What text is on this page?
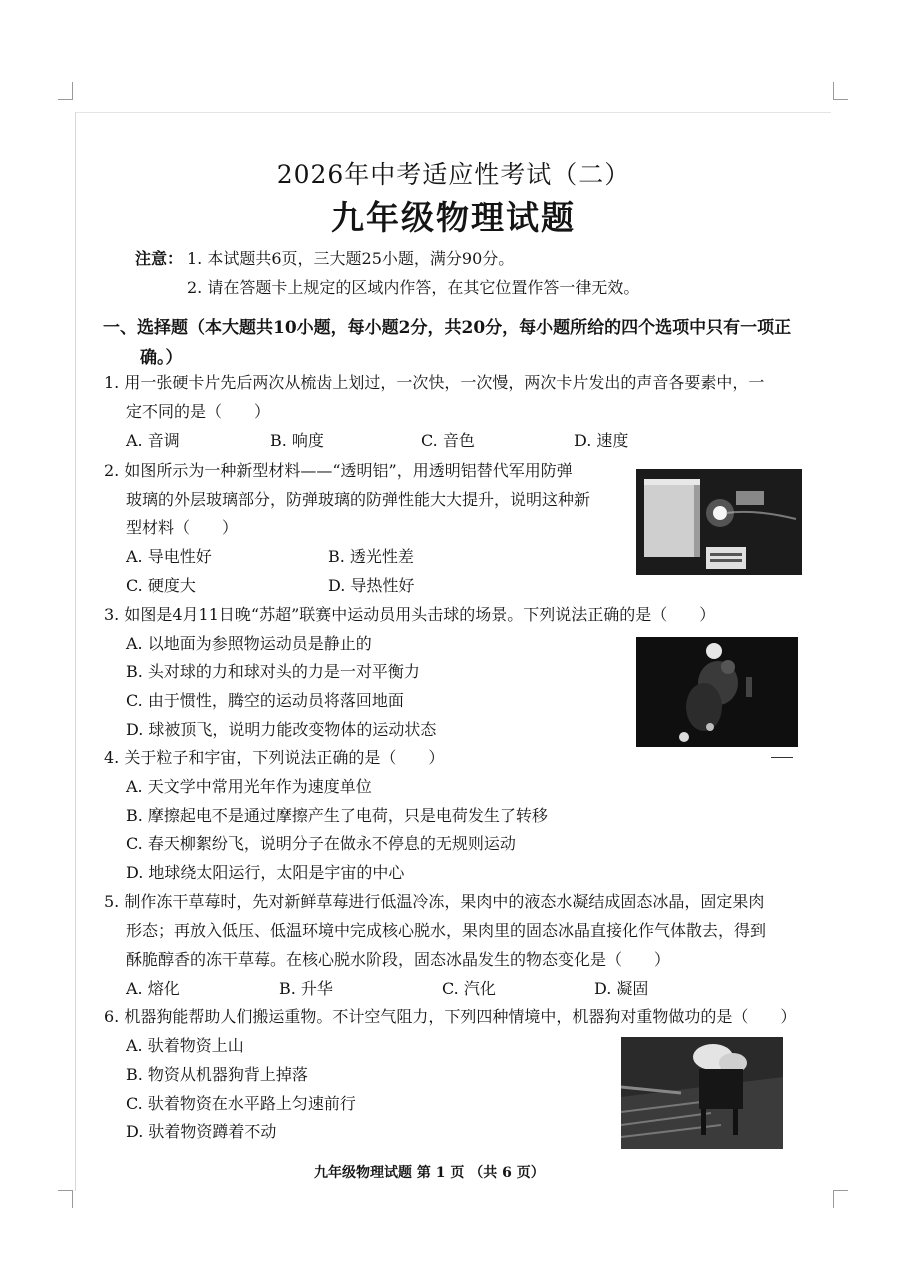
2026年中考适应性考试（二）
九年级物理试题
注意： 1. 本试题共6页，三大题25小题，满分90分。
2. 请在答题卡上规定的区域内作答，在其它位置作答一律无效。
一、选择题（本大题共10小题，每小题2分，共20分，每小题所给的四个选项中只有一项正
确。）
1. 用一张硬卡片先后两次从梳齿上划过，一次快，一次慢，两次卡片发出的声音各要素中，一
定不同的是（　　）
A. 音调	B. 响度	C. 音色	D. 速度
2. 如图所示为一种新型材料——“透明铝”，用透明铝替代军用防弹
玻璃的外层玻璃部分，防弹玻璃的防弹性能大大提升，说明这种新
型材料（　　）
A. 导电性好	B. 透光性差
C. 硬度大	D. 导热性好
3. 如图是4月11日晚“苏超”联赛中运动员用头击球的场景。下列说法正确的是（　　）
A. 以地面为参照物运动员是静止的
B. 头对球的力和球对头的力是一对平衡力
C. 由于惯性，腾空的运动员将落回地面
D. 球被顶飞，说明力能改变物体的运动状态
4. 关于粒子和宇宙，下列说法正确的是（　　）
A. 天文学中常用光年作为速度单位
B. 摩擦起电不是通过摩擦产生了电荷，只是电荷发生了转移
C. 春天柳絮纷飞，说明分子在做永不停息的无规则运动
D. 地球绕太阳运行，太阳是宇宙的中心
5. 制作冻干草莓时，先对新鲜草莓进行低温冷冻，果肉中的液态水凝结成固态冰晶，固定果肉
形态；再放入低压、低温环境中完成核心脱水，果肉里的固态冰晶直接化作气体散去，得到
酥脆醇香的冻干草莓。在核心脱水阶段，固态冰晶发生的物态变化是（　　）
A. 熔化	B. 升华	C. 汽化	D. 凝固
6. 机器狗能帮助人们搬运重物。不计空气阻力，下列四种情境中，机器狗对重物做功的是（　　）
A. 驮着物资上山
B. 物资从机器狗背上掉落
C. 驮着物资在水平路上匀速前行
D. 驮着物资蹲着不动
九年级物理试题 第 1 页 （共 6 页）
